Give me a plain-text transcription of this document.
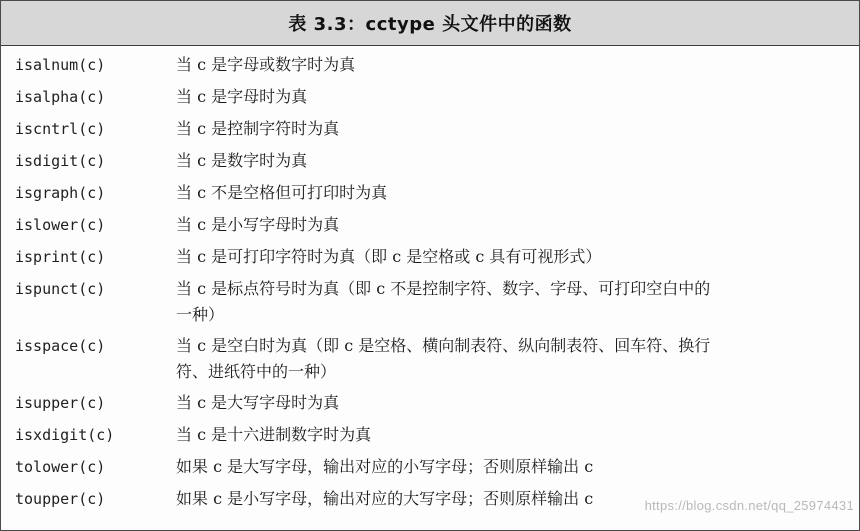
表 3.3：cctype 头文件中的函数
isalnum(c)	当 c 是字母或数字时为真
isalpha(c)	当 c 是字母时为真
iscntrl(c)	当 c 是控制字符时为真
isdigit(c)	当 c 是数字时为真
isgraph(c)	当 c 不是空格但可打印时为真
islower(c)	当 c 是小写字母时为真
isprint(c)	当 c 是可打印字符时为真（即 c 是空格或 c 具有可视形式）
ispunct(c)	当 c 是标点符号时为真（即 c 不是控制字符、数字、字母、可打印空白中的
一种）
isspace(c)	当 c 是空白时为真（即 c 是空格、横向制表符、纵向制表符、回车符、换行
符、进纸符中的一种）
isupper(c)	当 c 是大写字母时为真
isxdigit(c)	当 c 是十六进制数字时为真
tolower(c)	如果 c 是大写字母，输出对应的小写字母；否则原样输出 c
toupper(c)	如果 c 是小写字母，输出对应的大写字母；否则原样输出 c	https://blog.csdn.net/qq_25974431
